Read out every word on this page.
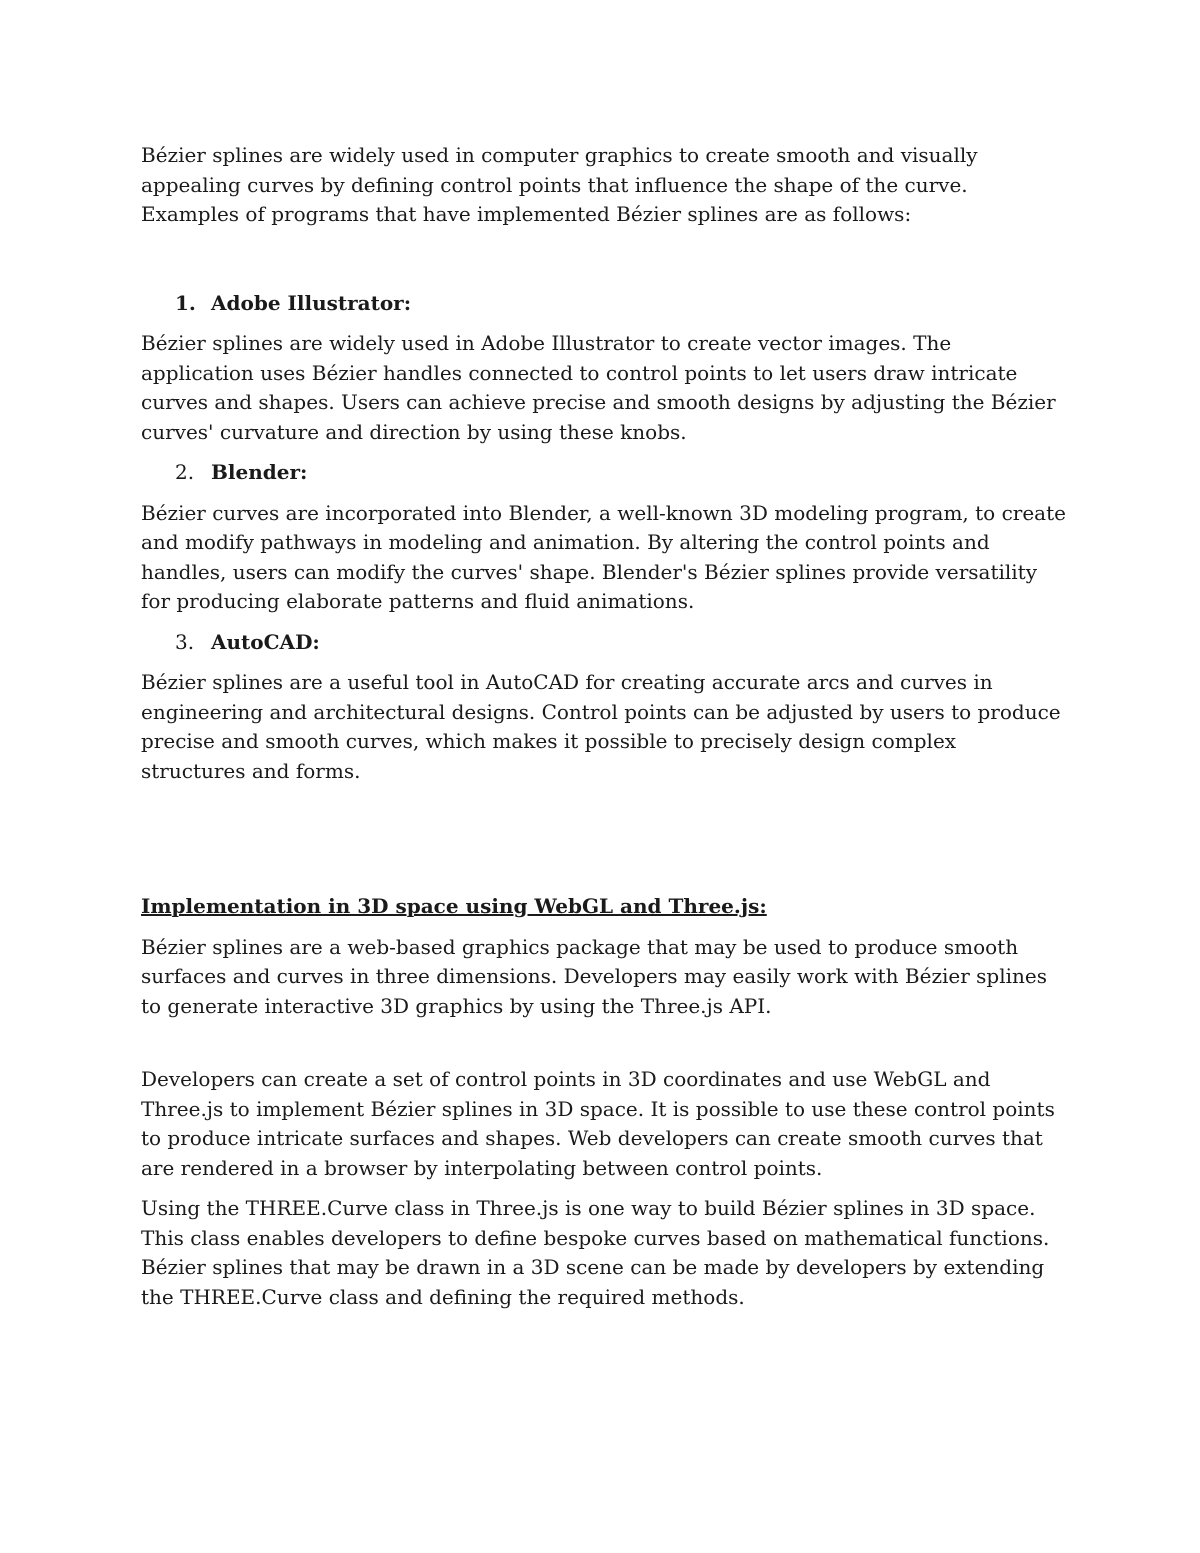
Bézier splines are widely used in computer graphics to create smooth and visually appealing curves by defining control points that influence the shape of the curve. Examples of programs that have implemented Bézier splines are as follows:

1. Adobe Illustrator:

Bézier splines are widely used in Adobe Illustrator to create vector images. The application uses Bézier handles connected to control points to let users draw intricate curves and shapes. Users can achieve precise and smooth designs by adjusting the Bézier curves' curvature and direction by using these knobs.

2. Blender:

Bézier curves are incorporated into Blender, a well-known 3D modeling program, to create and modify pathways in modeling and animation. By altering the control points and handles, users can modify the curves' shape. Blender's Bézier splines provide versatility for producing elaborate patterns and fluid animations.

3. AutoCAD:

Bézier splines are a useful tool in AutoCAD for creating accurate arcs and curves in engineering and architectural designs. Control points can be adjusted by users to produce precise and smooth curves, which makes it possible to precisely design complex structures and forms.

Implementation in 3D space using WebGL and Three.js:

Bézier splines are a web-based graphics package that may be used to produce smooth surfaces and curves in three dimensions. Developers may easily work with Bézier splines to generate interactive 3D graphics by using the Three.js API.

Developers can create a set of control points in 3D coordinates and use WebGL and Three.js to implement Bézier splines in 3D space. It is possible to use these control points to produce intricate surfaces and shapes. Web developers can create smooth curves that are rendered in a browser by interpolating between control points.

Using the THREE.Curve class in Three.js is one way to build Bézier splines in 3D space. This class enables developers to define bespoke curves based on mathematical functions. Bézier splines that may be drawn in a 3D scene can be made by developers by extending the THREE.Curve class and defining the required methods.
